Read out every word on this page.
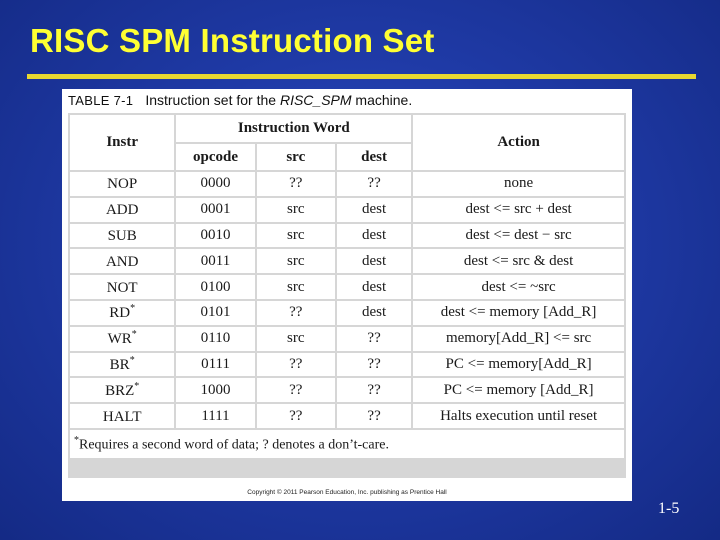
RISC SPM Instruction Set
TABLE 7-1 Instruction set for the RISC_SPM machine.
Instr	Instruction Word			Action
	opcode	src	dest	
NOP	0000	??	??	none
ADD	0001	src	dest	dest <= src + dest
SUB	0010	src	dest	dest <= dest − src
AND	0011	src	dest	dest <= src & dest
NOT	0100	src	dest	dest <= ~src
RD*	0101	??	dest	dest <= memory [Add_R]
WR*	0110	src	??	memory[Add_R] <= src
BR*	0111	??	??	PC <= memory[Add_R]
BRZ*	1000	??	??	PC <= memory [Add_R]
HALT	1111	??	??	Halts execution until reset
*Requires a second word of data; ? denotes a don’t-care.				
Copyright © 2011 Pearson Education, Inc. publishing as Prentice Hall
1-5
